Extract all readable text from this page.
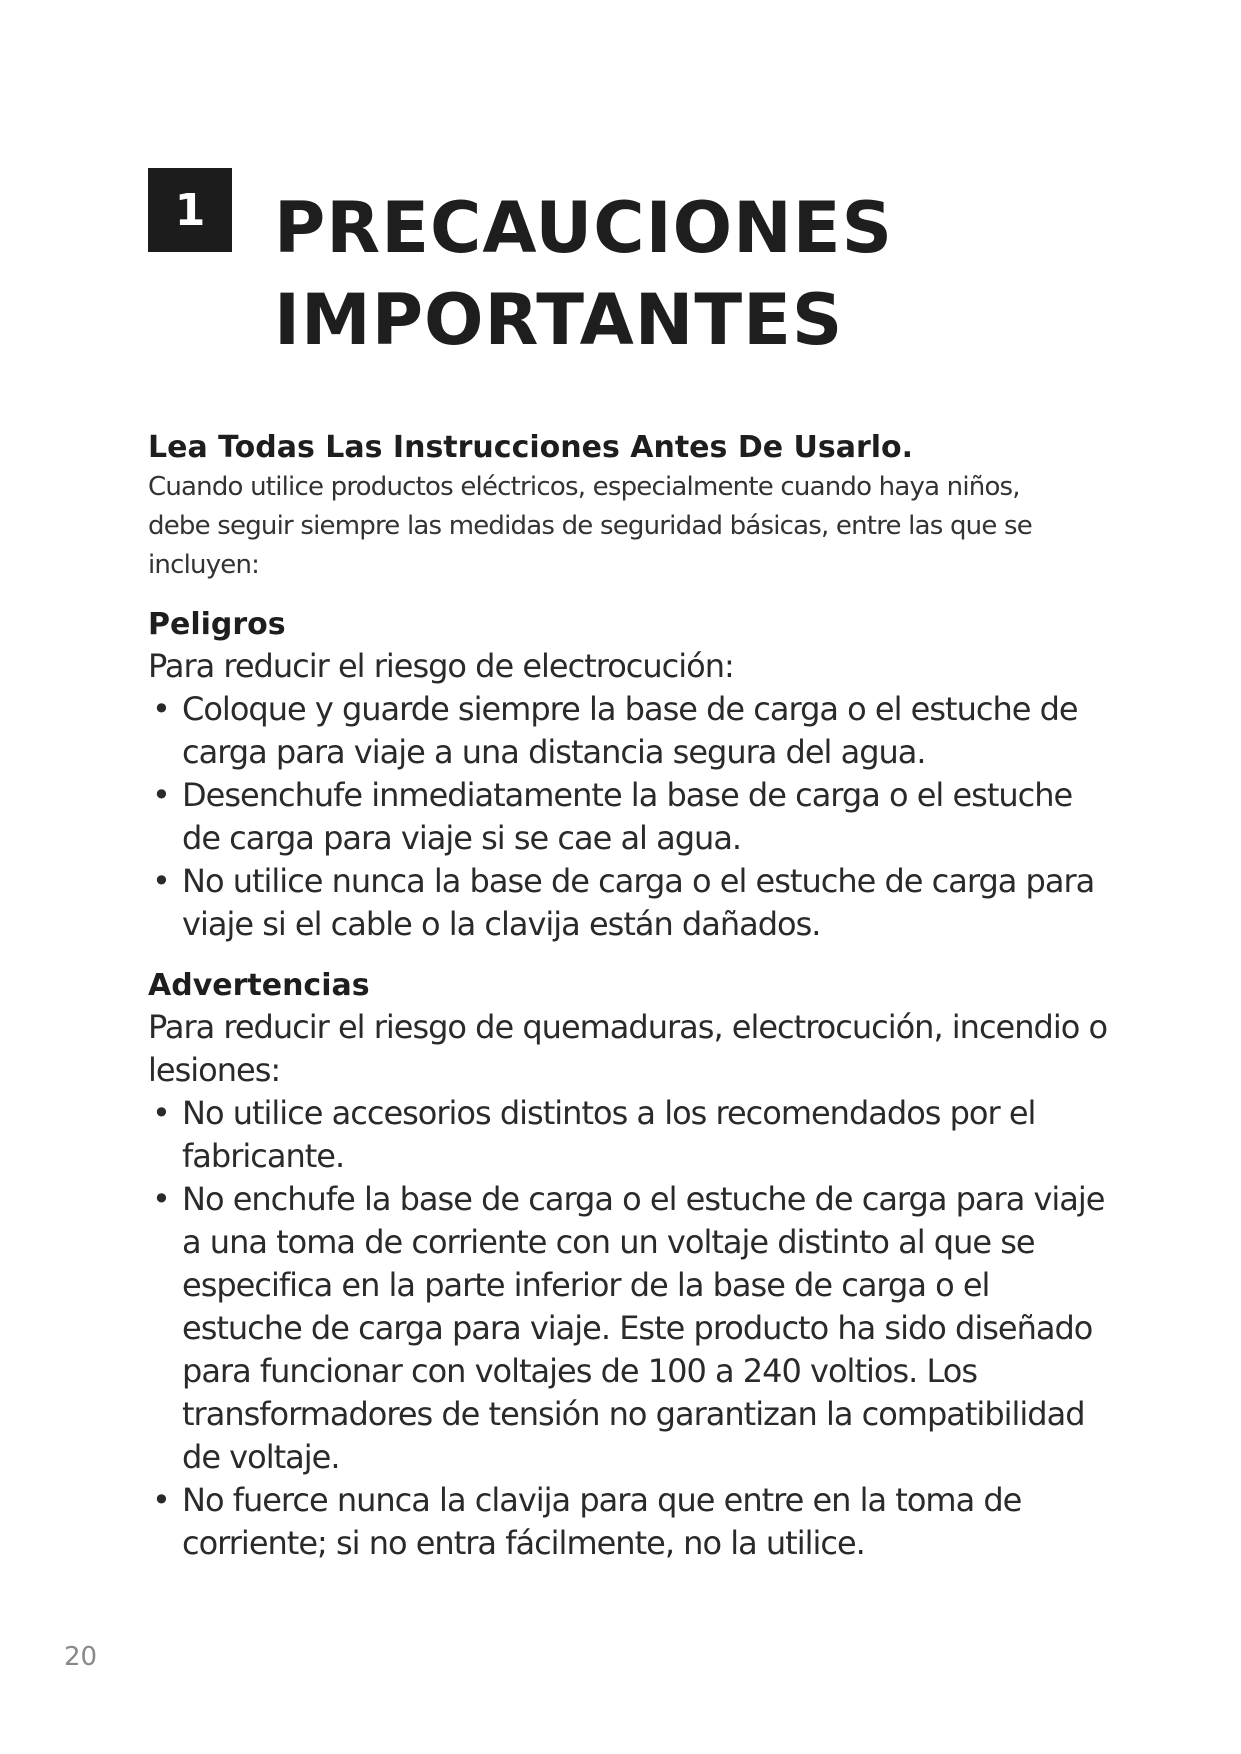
1 PRECAUCIONES
IMPORTANTES

Lea Todas Las Instrucciones Antes De Usarlo.

Cuando utilice productos eléctricos, especialmente cuando haya niños, debe seguir siempre las medidas de seguridad básicas, entre las que se incluyen:

Peligros

Para reducir el riesgo de electrocución:

• Coloque y guarde siempre la base de carga o el estuche de carga para viaje a una distancia segura del agua.
• Desenchufe inmediatamente la base de carga o el estuche de carga para viaje si se cae al agua.
• No utilice nunca la base de carga o el estuche de carga para viaje si el cable o la clavija están dañados.

Advertencias

Para reducir el riesgo de quemaduras, electrocución, incendio o lesiones:

• No utilice accesorios distintos a los recomendados por el fabricante.
• No enchufe la base de carga o el estuche de carga para viaje a una toma de corriente con un voltaje distinto al que se especifica en la parte inferior de la base de carga o el estuche de carga para viaje. Este producto ha sido diseñado para funcionar con voltajes de 100 a 240 voltios. Los transformadores de tensión no garantizan la compatibilidad de voltaje.
• No fuerce nunca la clavija para que entre en la toma de corriente; si no entra fácilmente, no la utilice.
20
